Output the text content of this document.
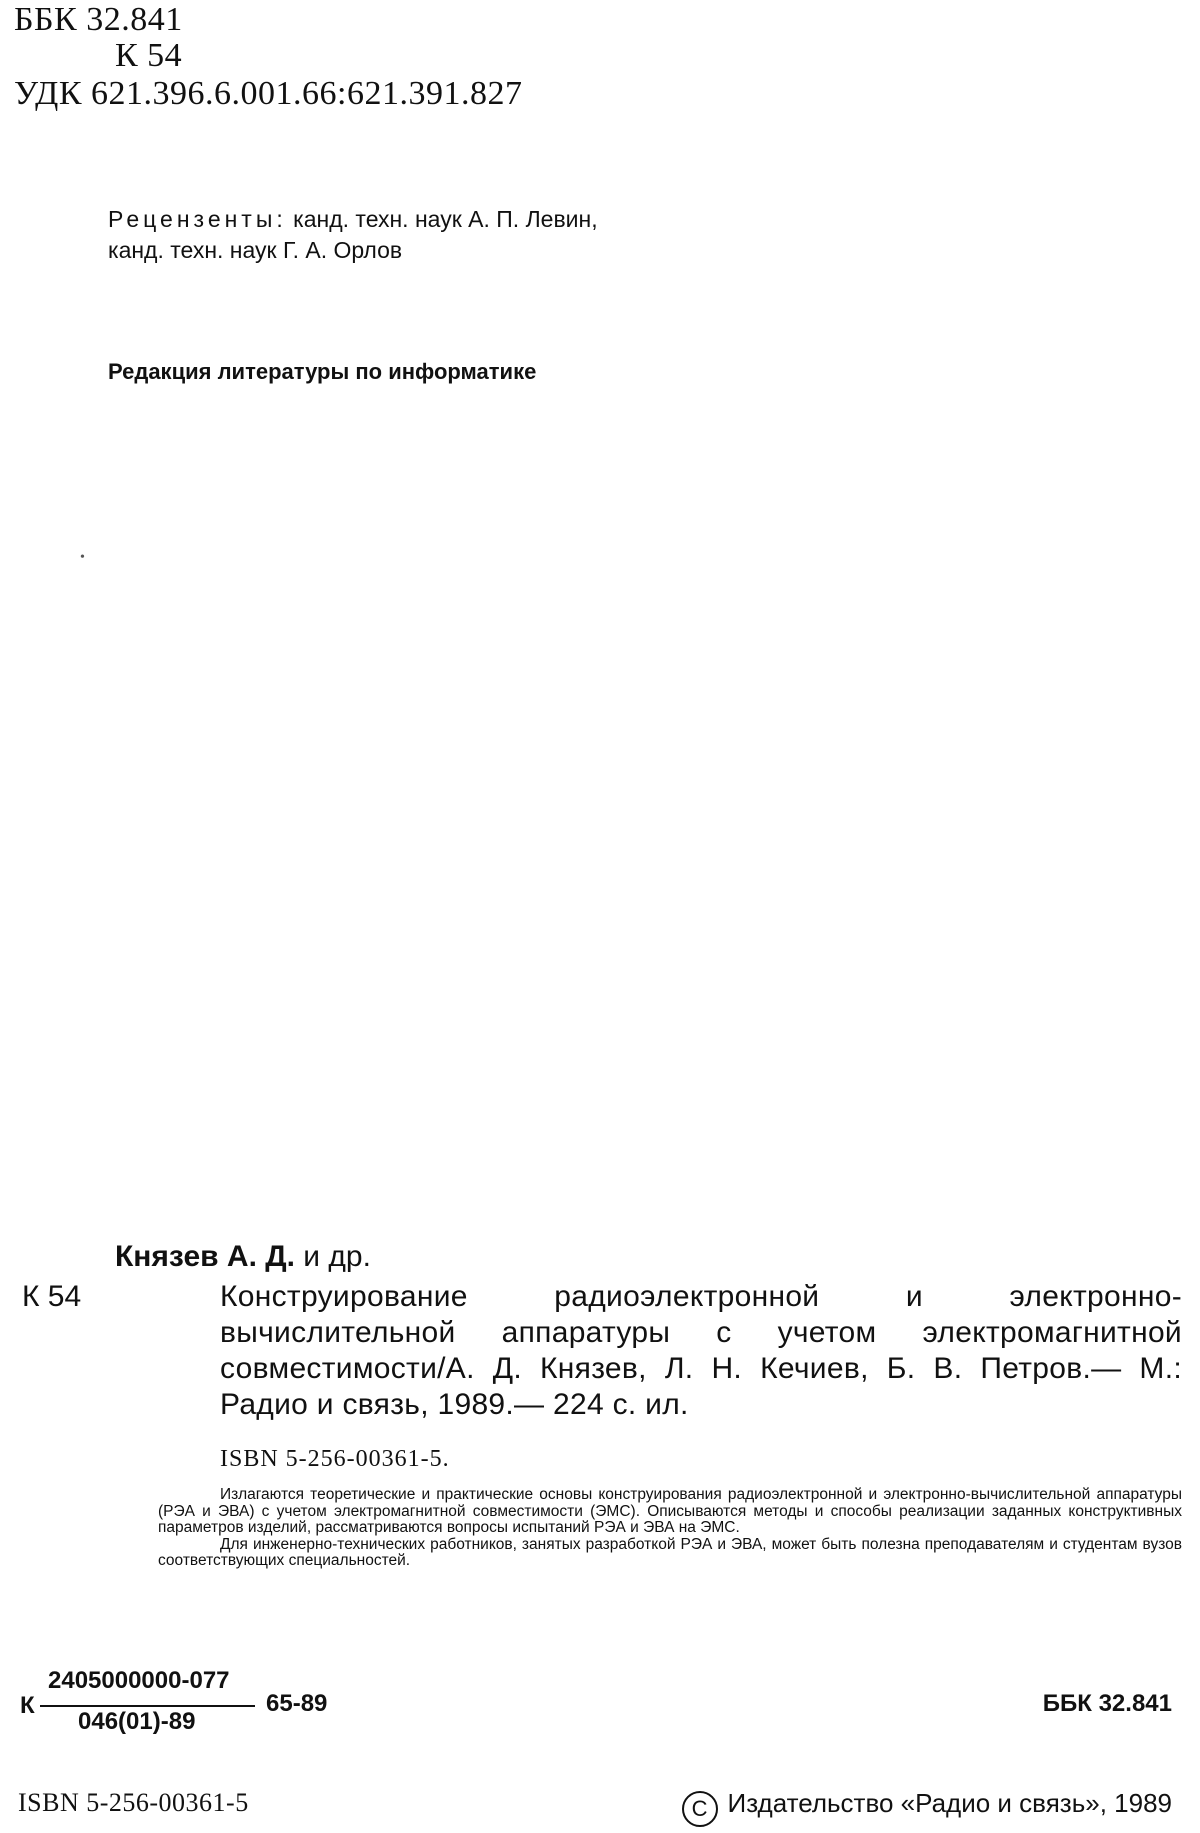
ББК 32.841
К 54
УДК 621.396.6.001.66:621.391.827
Рецензенты: канд. техн. наук А. П. Левин,
канд. техн. наук Г. А. Орлов
Редакция литературы по информатике
•
Князев А. Д. и др.
К 54	Конструирование радиоэлектронной и электронно-вычислительной аппаратуры с учетом электромагнитной совместимости/А. Д. Князев, Л. Н. Кечиев, Б. В. Петров.— М.: Радио и связь, 1989.— 224 с. ил.
ISBN 5-256-00361-5.

Излагаются теоретические и практические основы конструирования радиоэлектронной и электронно-вычислительной аппаратуры (РЭА и ЭВА) с учетом электромагнитной совместимости (ЭМС). Описываются методы и способы реализации заданных конструктивных параметров изделий, рассматриваются вопросы испытаний РЭА и ЭВА на ЭМС.

Для инженерно-технических работников, занятых разработкой РЭА и ЭВА, может быть полезна преподавателям и студентам вузов соответствующих специальностей.

К
2405000000-077
046(01)-89
65-89	ББК 32.841
ISBN 5-256-00361-5	C Издательство «Радио и связь», 1989
